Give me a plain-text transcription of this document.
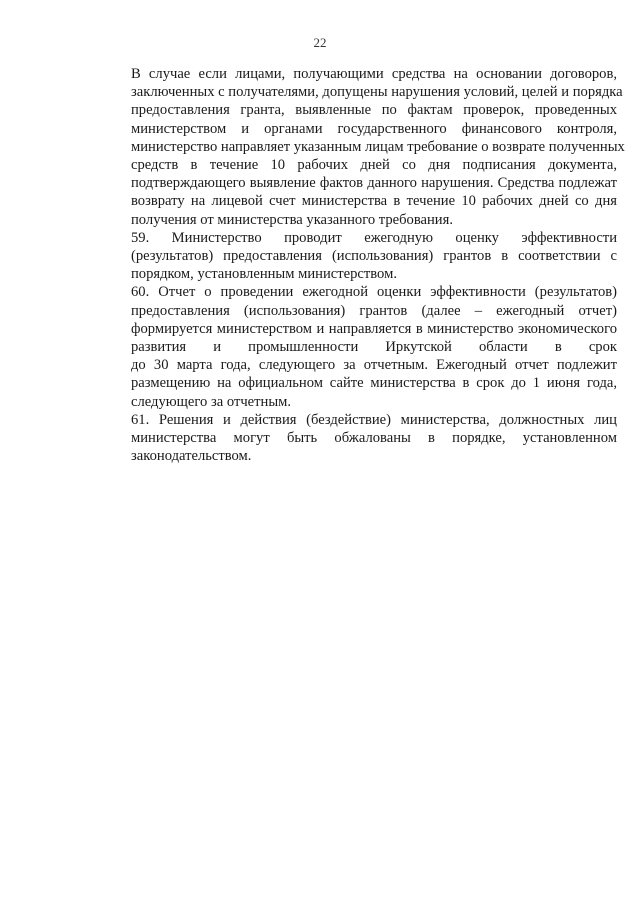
22

В случае если лицами, получающими средства на основании договоров,
заключенных с получателями, допущены нарушения условий, целей и порядка
предоставления гранта, выявленные по фактам проверок, проведенных
министерством и органами государственного финансового контроля,
министерство направляет указанным лицам требование о возврате полученных
средств в течение 10 рабочих дней со дня подписания документа,
подтверждающего выявление фактов данного нарушения. Средства подлежат
возврату на лицевой счет министерства в течение 10 рабочих дней со дня
получения от министерства указанного требования.

59. Министерство проводит ежегодную оценку эффективности
(результатов) предоставления (использования) грантов в соответствии с
порядком, установленным министерством.

60. Отчет о проведении ежегодной оценки эффективности (результатов)
предоставления (использования) грантов (далее – ежегодный отчет)
формируется министерством и направляется в министерство экономического
развития и промышленности Иркутской области в срок
до 30 марта года, следующего за отчетным. Ежегодный отчет подлежит
размещению на официальном сайте министерства в срок до 1 июня года,
следующего за отчетным.

61. Решения и действия (бездействие) министерства, должностных лиц
министерства могут быть обжалованы в порядке, установленном
законодательством.
